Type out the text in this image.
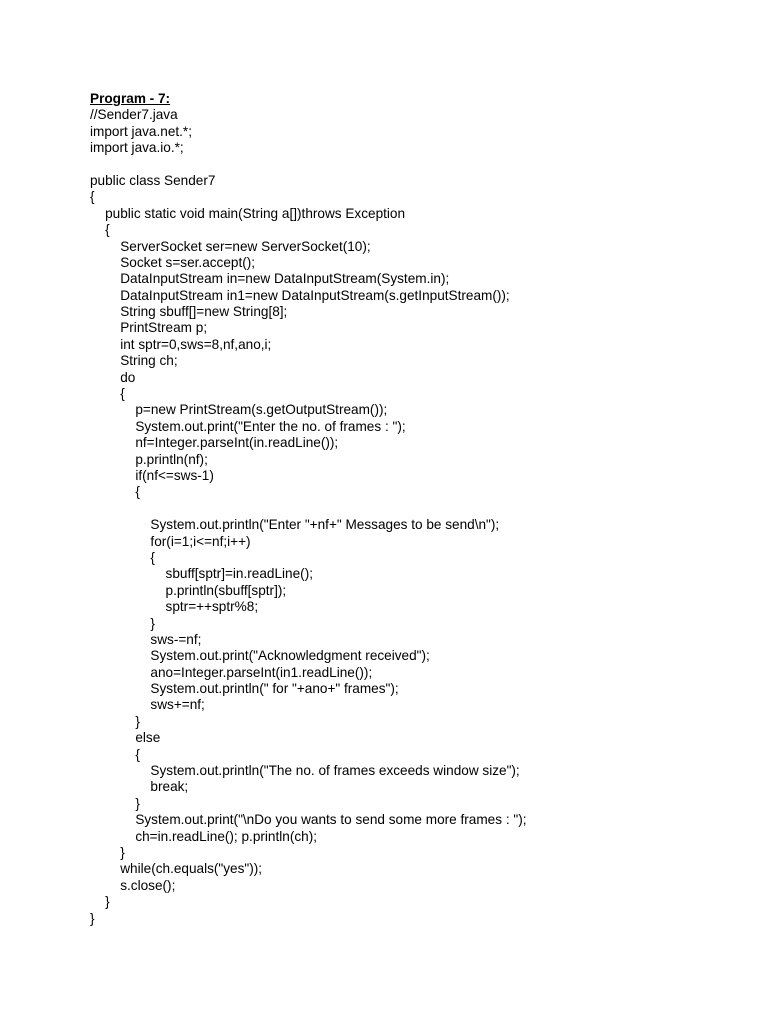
Program - 7:
//Sender7.java
import java.net.*;
import java.io.*;
public class Sender7
{
public static void main(String a[])throws Exception
{
ServerSocket ser=new ServerSocket(10);
Socket s=ser.accept();
DataInputStream in=new DataInputStream(System.in);
DataInputStream in1=new DataInputStream(s.getInputStream());
String sbuff[]=new String[8];
PrintStream p;
int sptr=0,sws=8,nf,ano,i;
String ch;
do
{
p=new PrintStream(s.getOutputStream());
System.out.print("Enter the no. of frames : ");
nf=Integer.parseInt(in.readLine());
p.println(nf);
if(nf<=sws-1)
{
System.out.println("Enter "+nf+" Messages to be send\n");
for(i=1;i<=nf;i++)
{
sbuff[sptr]=in.readLine();
p.println(sbuff[sptr]);
sptr=++sptr%8;
}
sws-=nf;
System.out.print("Acknowledgment received");
ano=Integer.parseInt(in1.readLine());
System.out.println(" for "+ano+" frames");
sws+=nf;
}
else
{
System.out.println("The no. of frames exceeds window size");
break;
}
System.out.print("\nDo you wants to send some more frames : ");
ch=in.readLine(); p.println(ch);
}
while(ch.equals("yes"));
s.close();
}
}
